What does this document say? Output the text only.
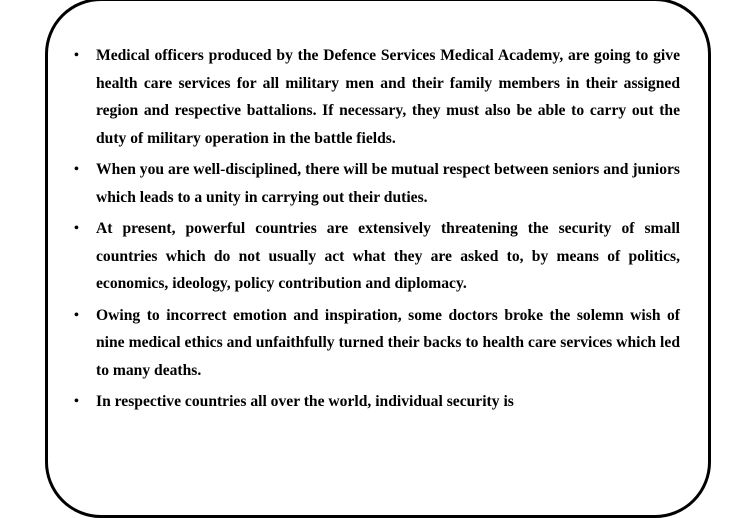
• Medical officers produced by the Defence Services Medical Academy, are going to give health care services for all military men and their family members in their assigned region and respective battalions. If necessary, they must also be able to carry out the duty of military operation in the battle fields.
• When you are well-disciplined, there will be mutual respect between seniors and juniors which leads to a unity in carrying out their duties.
• At present, powerful countries are extensively threatening the security of small countries which do not usually act what they are asked to, by means of politics, economics, ideology, policy contribution and diplomacy.
• Owing to incorrect emotion and inspiration, some doctors broke the solemn wish of nine medical ethics and unfaithfully turned their backs to health care services which led to many deaths.
• In respective countries all over the world, individual security is
